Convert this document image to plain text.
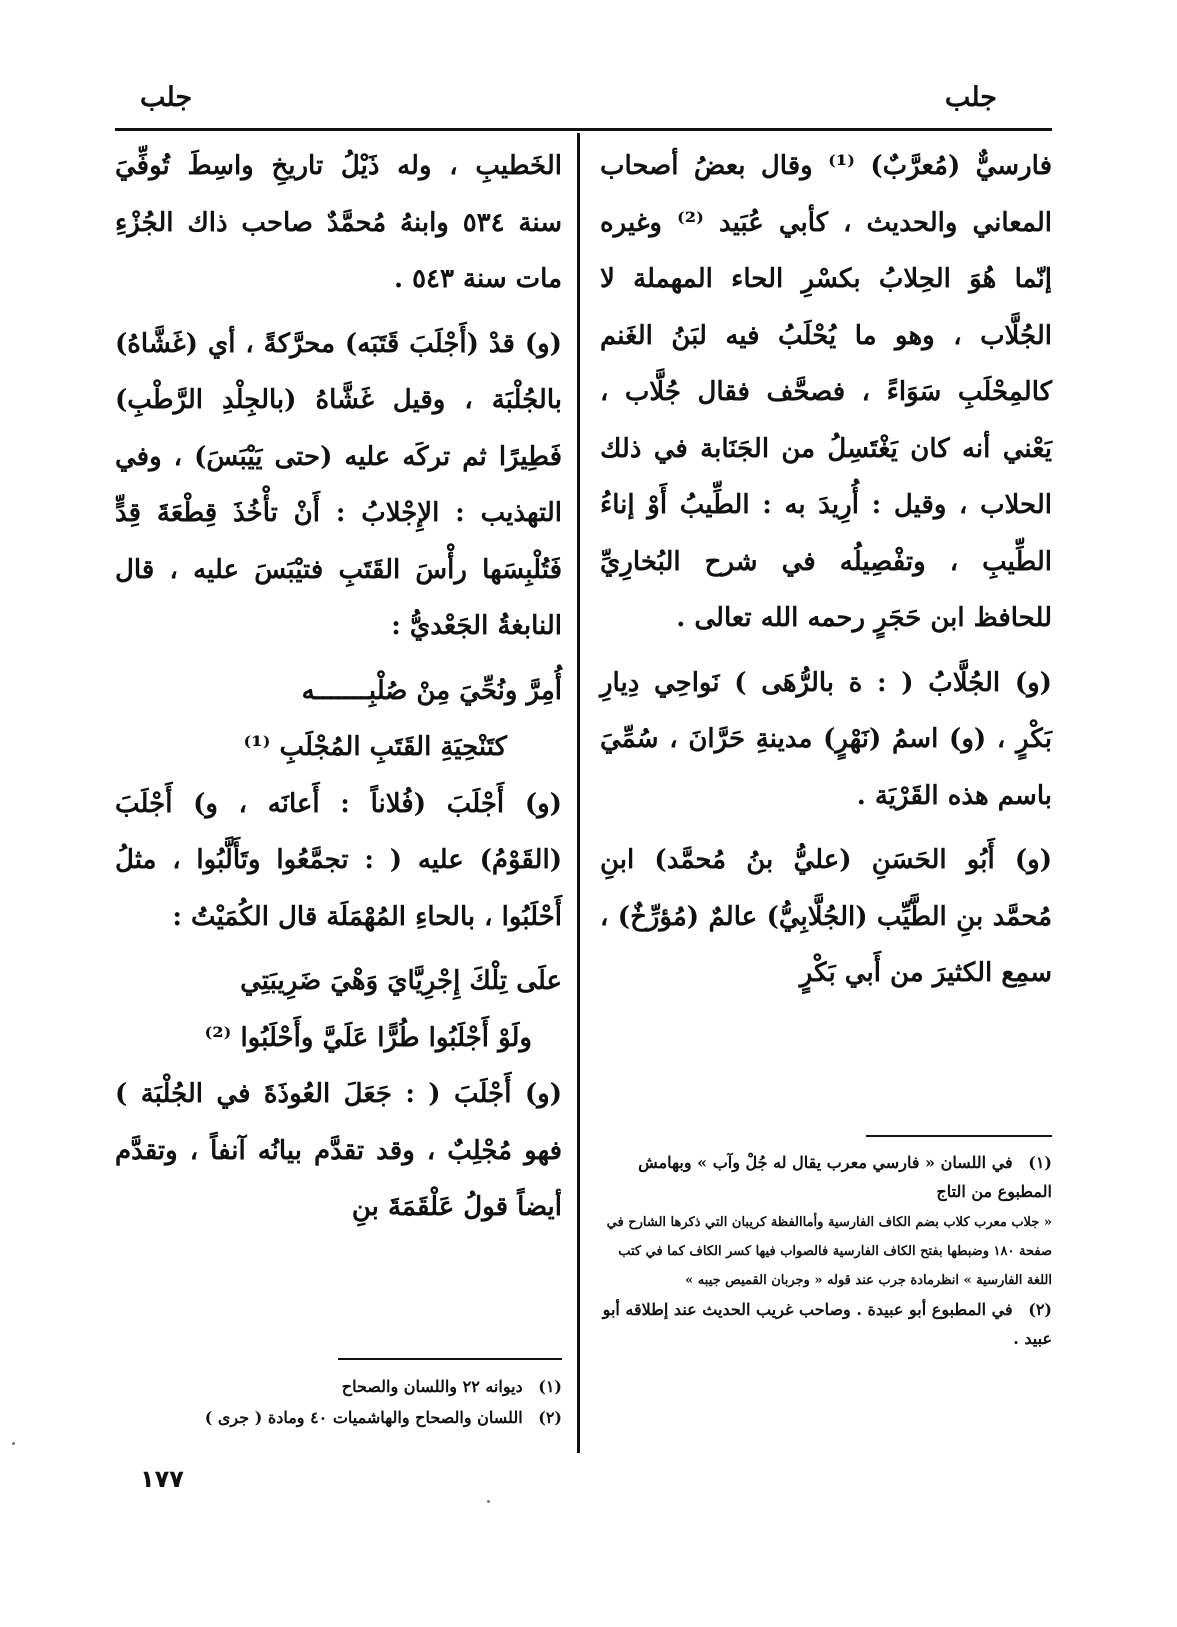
جلب
جلب

فارسيٌّ (مُعرَّبٌ) ⁽¹⁾ وقال بعضُ أصحاب المعاني والحديث ، كأبي عُبَيد ⁽²⁾ وغيره إنّما هُوَ الحِلابُ بكسْرِ الحاء المهملة لا الجُلَّاب ، وهو ما يُحْلَبُ فيه لبَنُ الغَنم كالمِحْلَبِ سَوَاءً ، فصحَّف فقال جُلَّاب ، يَعْني أنه كان يَغْتَسِلُ من الجَنَابة في ذلك الحلاب ، وقيل : أُرِيدَ به : الطِّيبُ أَوْ إناءُ الطِّيبِ ، وتفْصِيلُه في شرح البُخارِيِّ للحافظ ابن حَجَرٍ رحمه الله تعالى .

(و) الجُلَّابُ ( : ة بالرُّهَى ) نَواحِي دِيارِ بَكْرٍ ، (و) اسمُ (نَهْرٍ) مدينةِ حَرَّانَ ، سُمِّيَ باسم هذه القَرْيَة .

(و) أَبُو الحَسَنِ (عليُّ بنُ مُحمَّد) ابنِ مُحمَّد بنِ الطَّيِّب (الجُلَّابِيُّ) عالمٌ (مُؤرِّخٌ) ، سمِع الكثيرَ من أَبي بَكْرٍ

الخَطيبِ ، وله ذَيْلُ تاريخِ واسِطَ تُوفِّيَ سنة ٥٣٤ وابنهُ مُحمَّدٌ صاحب ذاك الجُزْءِ مات سنة ٥٤٣ .

(و) قدْ (أَجْلَبَ قَتَبَه) محرَّكةً ، أي (غَشَّاهُ) بالجُلْبَة ، وقيل غَشَّاهُ (بالجِلْدِ الرَّطْبِ) فَطِيرًا ثم تركَه عليه (حتى يَيْبَسَ) ، وفي التهذيب : الإِجْلابُ : أَنْ تأْخُذَ قِطْعَةَ قِدٍّ فَتُلْبِسَها رأْسَ القَتَبِ فتيْبَسَ عليه ، قال النابغةُ الجَعْديُّ :

أُمِرَّ ونُحِّيَ مِنْ صُلْبِـــــــه

كتَنْحِيَةِ القَتَبِ المُجْلَبِ ⁽¹⁾

(و) أَجْلَبَ (فُلاناً : أَعانَه ، و) أَجْلَبَ (القَوْمُ) عليه ( : تجمَّعُوا وتَأَلَّبُوا ، مثلُ أَحْلَبُوا ، بالحاءِ المُهْمَلَة قال الكُمَيْتُ :

علَى تِلْكَ إِجْرِيَّايَ وَهْيَ ضَرِيبَتِي

ولَوْ أَجْلَبُوا طُرًّا عَلَيَّ وأَحْلَبُوا ⁽²⁾

(و) أَجْلَبَ ( : جَعَلَ العُوذَةَ في الجُلْبَة ) فهو مُجْلِبٌ ، وقد تقدَّم بيانُه آنفاً ، وتقدَّم أيضاً قولُ عَلْقَمَةَ بنِ

(١) في اللسان « فارسي معرب يقال له جُلْ وآب » وبهامش المطبوع من التاج
« جلاب معرب كلاب بضم الكاف الفارسية وأماالفظة كريبان التي ذكرها الشارح في صفحة ١٨٠ وضبطها بفتح الكاف الفارسية فالصواب فيها كسر الكاف كما في كتب اللغة الفارسية » انظرمادة جرب عند قوله « وجربان القميص جيبه »

(٢) في المطبوع أبو عبيدة . وصاحب غريب الحديث عند إطلاقه أبو عبيد .

(١) ديوانه ٢٢ واللسان والصحاح

(٢) اللسان والصحاح والهاشميات ٤٠ ومادة ( جرى )

١٧٧
